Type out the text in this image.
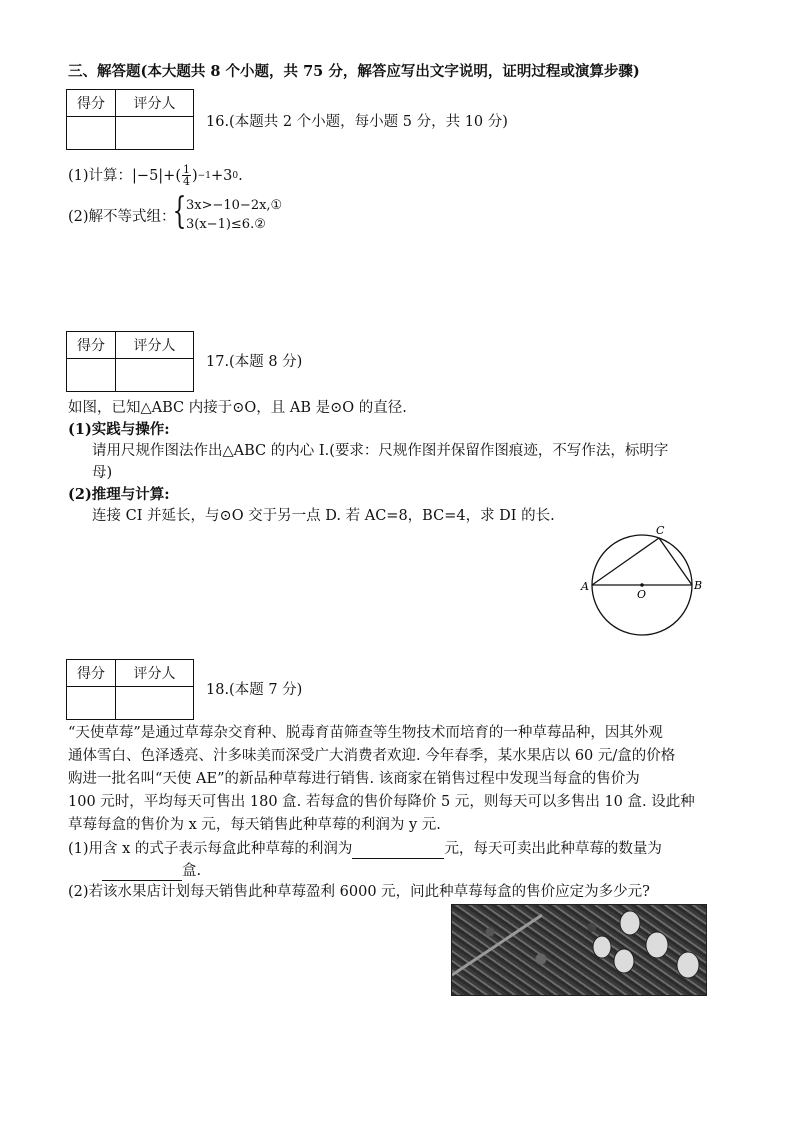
三、解答题(本大题共 8 个小题，共 75 分，解答应写出文字说明，证明过程或演算步骤)
得分	评分人

16.(本题共 2 个小题，每小题 5 分，共 10 分)
(1)计算：$|-5|+( \frac{1}{4}$ ) −1 +3 0 .
(2)解不等式组：
{ 3x>−10−2x,①
3(x−1)≤6.②
得分	评分人

17.(本题 8 分)
如图，已知△ABC 内接于⊙O，且 AB 是⊙O 的直径.
(1)实践与操作:
请用尺规作图法作出△ABC 的内心 I.(要求：尺规作图并保留作图痕迹，不写作法，标明字
母)
(2)推理与计算:
连接 CI 并延长，与⊙O 交于另一点 D. 若 AC=8，BC=4，求 DI 的长.
A	B
C
O
得分	评分人

18.(本题 7 分)
“天使草莓”是通过草莓杂交育种、脱毒育苗筛查等生物技术而培育的一种草莓品种，因其外观
通体雪白、色泽透亮、汁多味美而深受广大消费者欢迎. 今年春季，某水果店以 60 元/盒的价格
购进一批名叫“天使 AE”的新品种草莓进行销售. 该商家在销售过程中发现当每盒的售价为
100 元时，平均每天可售出 180 盒. 若每盒的售价每降价 5 元，则每天可以多售出 10 盒. 设此种
草莓每盒的售价为 x 元，每天销售此种草莓的利润为 y 元.
(1)用含 x 的式子表示每盒此种草莓的利润为	元，每天可卖出此种草莓的数量为
盒.
(2)若该水果店计划每天销售此种草莓盈利 6000 元，问此种草莓每盒的售价应定为多少元?
